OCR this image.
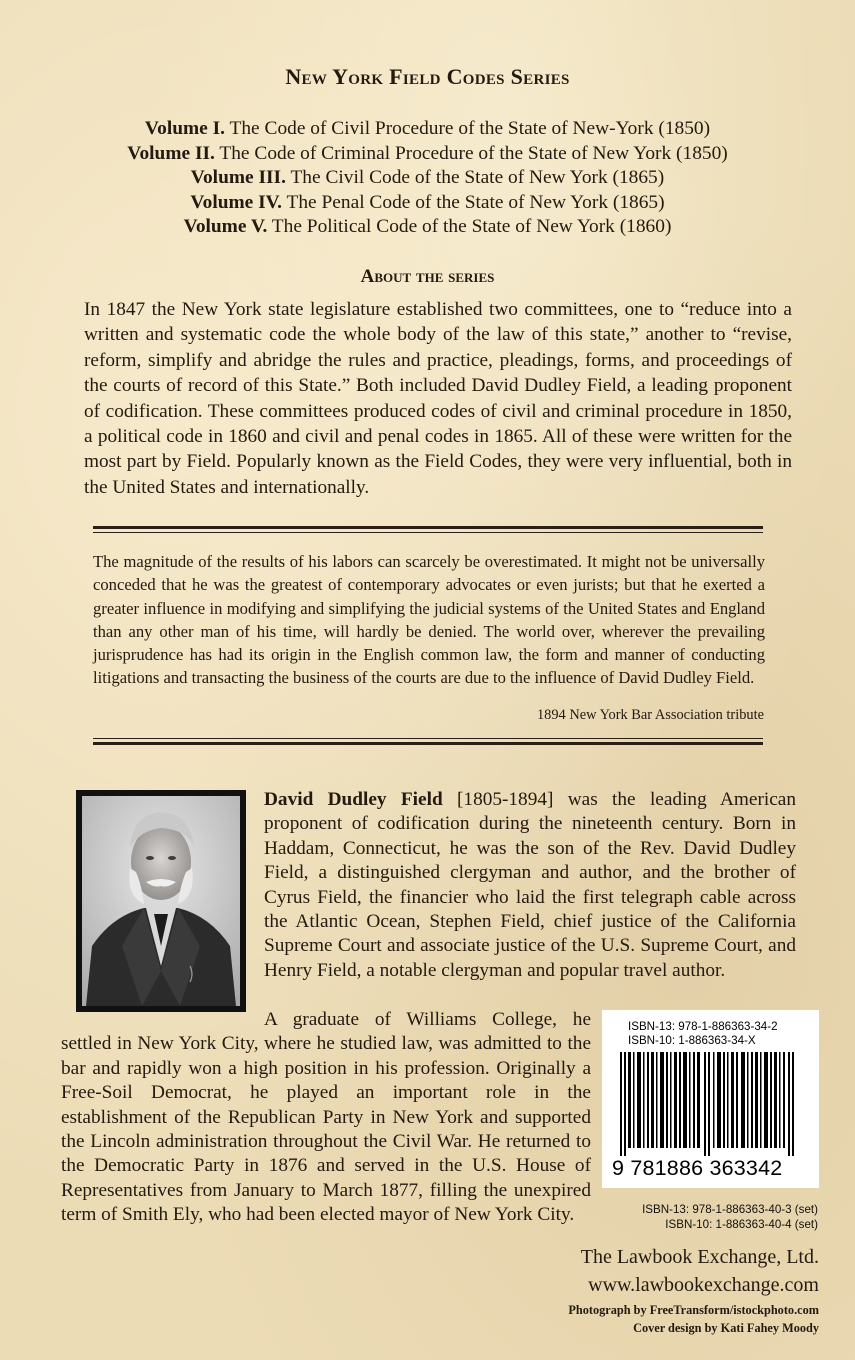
New York Field Codes Series
Volume I. The Code of Civil Procedure of the State of New-York (1850)
Volume II. The Code of Criminal Procedure of the State of New York (1850)
Volume III. The Civil Code of the State of New York (1865)
Volume IV. The Penal Code of the State of New York (1865)
Volume V. The Political Code of the State of New York (1860)
About the series
In 1847 the New York state legislature established two committees, one to “reduce into a written and systematic code the whole body of the law of this state,” another to “revise, reform, simplify and abridge the rules and practice, pleadings, forms, and proceedings of the courts of record of this State.” Both included David Dudley Field, a leading proponent of codification. These committees produced codes of civil and criminal procedure in 1850, a political code in 1860 and civil and penal codes in 1865. All of these were written for the most part by Field. Popularly known as the Field Codes, they were very influential, both in the United States and internationally.
The magnitude of the results of his labors can scarcely be overestimated. It might not be universally conceded that he was the greatest of contemporary advocates or even jurists; but that he exerted a greater influence in modifying and simplifying the judicial systems of the United States and England than any other man of his time, will hardly be denied. The world over, wherever the prevailing jurisprudence has had its origin in the English common law, the form and manner of conducting litigations and transacting the business of the courts are due to the influence of David Dudley Field.
1894 New York Bar Association tribute
David Dudley Field [1805-1894] was the leading American proponent of codification during the nineteenth century. Born in Haddam, Connecticut, he was the son of the Rev. David Dudley Field, a distinguished clergyman and author, and the brother of Cyrus Field, the financier who laid the first telegraph cable across the Atlantic Ocean, Stephen Field, chief justice of the California Supreme Court and associate justice of the U.S. Supreme Court, and Henry Field, a notable clergyman and popular travel author.
A graduate of Williams College, he settled in New York City, where he studied law, was admitted to the bar and rapidly won a high position in his profession. Originally a Free-Soil Democrat, he played an important role in the establishment of the Republican Party in New York and supported the Lincoln administration throughout the Civil War. He returned to the Democratic Party in 1876 and served in the U.S. House of Representatives from January to March 1877, filling the unexpired term of Smith Ely, who had been elected mayor of New York City.
ISBN-13: 978-1-886363-34-2
ISBN-10: 1-886363-34-X
9 781886 363342
ISBN-13: 978-1-886363-40-3 (set)
ISBN-10: 1-886363-40-4 (set)
The Lawbook Exchange, Ltd.
www.lawbookexchange.com
Photograph by FreeTransform/istockphoto.com
Cover design by Kati Fahey Moody
